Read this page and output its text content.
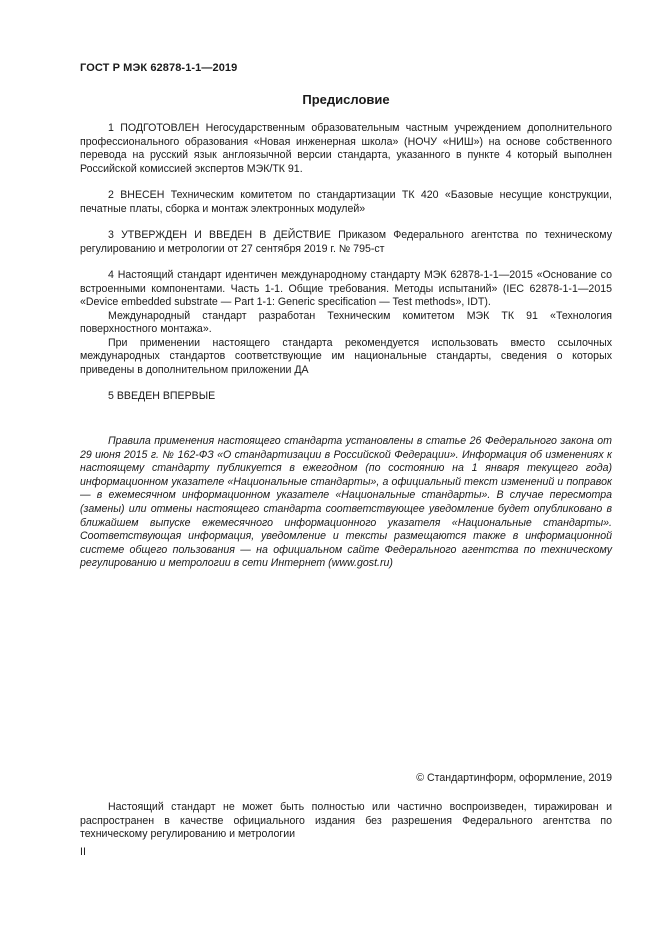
ГОСТ Р МЭК 62878-1-1—2019
Предисловие

1 ПОДГОТОВЛЕН Негосударственным образовательным частным учреждением дополнительного профессионального образования «Новая инженерная школа» (НОЧУ «НИШ») на основе собственного перевода на русский язык англоязычной версии стандарта, указанного в пункте 4 который выполнен Российской комиссией экспертов МЭК/ТК 91.

2 ВНЕСЕН Техническим комитетом по стандартизации ТК 420 «Базовые несущие конструкции, печатные платы, сборка и монтаж электронных модулей»

3 УТВЕРЖДЕН И ВВЕДЕН В ДЕЙСТВИЕ Приказом Федерального агентства по техническому регулированию и метрологии от 27 сентября 2019 г. № 795-ст

4 Настоящий стандарт идентичен международному стандарту МЭК 62878-1-1—2015 «Основание со встроенными компонентами. Часть 1-1. Общие требования. Методы испытаний» (IEC 62878-1-1—2015 «Device embedded substrate — Part 1-1: Generic specification — Test methods», IDT).

Международный стандарт разработан Техническим комитетом МЭК ТК 91 «Технология поверхностного монтажа».

При применении настоящего стандарта рекомендуется использовать вместо ссылочных международных стандартов соответствующие им национальные стандарты, сведения о которых приведены в дополнительном приложении ДА

5 ВВЕДЕН ВПЕРВЫЕ

Правила применения настоящего стандарта установлены в статье 26 Федерального закона от 29 июня 2015 г. № 162-ФЗ «О стандартизации в Российской Федерации». Информация об изменениях к настоящему стандарту публикуется в ежегодном (по состоянию на 1 января текущего года) информационном указателе «Национальные стандарты», а официальный текст изменений и поправок — в ежемесячном информационном указателе «Национальные стандарты». В случае пересмотра (замены) или отмены настоящего стандарта соответствующее уведомление будет опубликовано в ближайшем выпуске ежемесячного информационного указателя «Национальные стандарты». Соответствующая информация, уведомление и тексты размещаются также в информационной системе общего пользования — на официальном сайте Федерального агентства по техническому регулированию и метрологии в сети Интернет (www.gost.ru)

© Стандартинформ, оформление, 2019

Настоящий стандарт не может быть полностью или частично воспроизведен, тиражирован и распространен в качестве официального издания без разрешения Федерального агентства по техническому регулированию и метрологии

II
